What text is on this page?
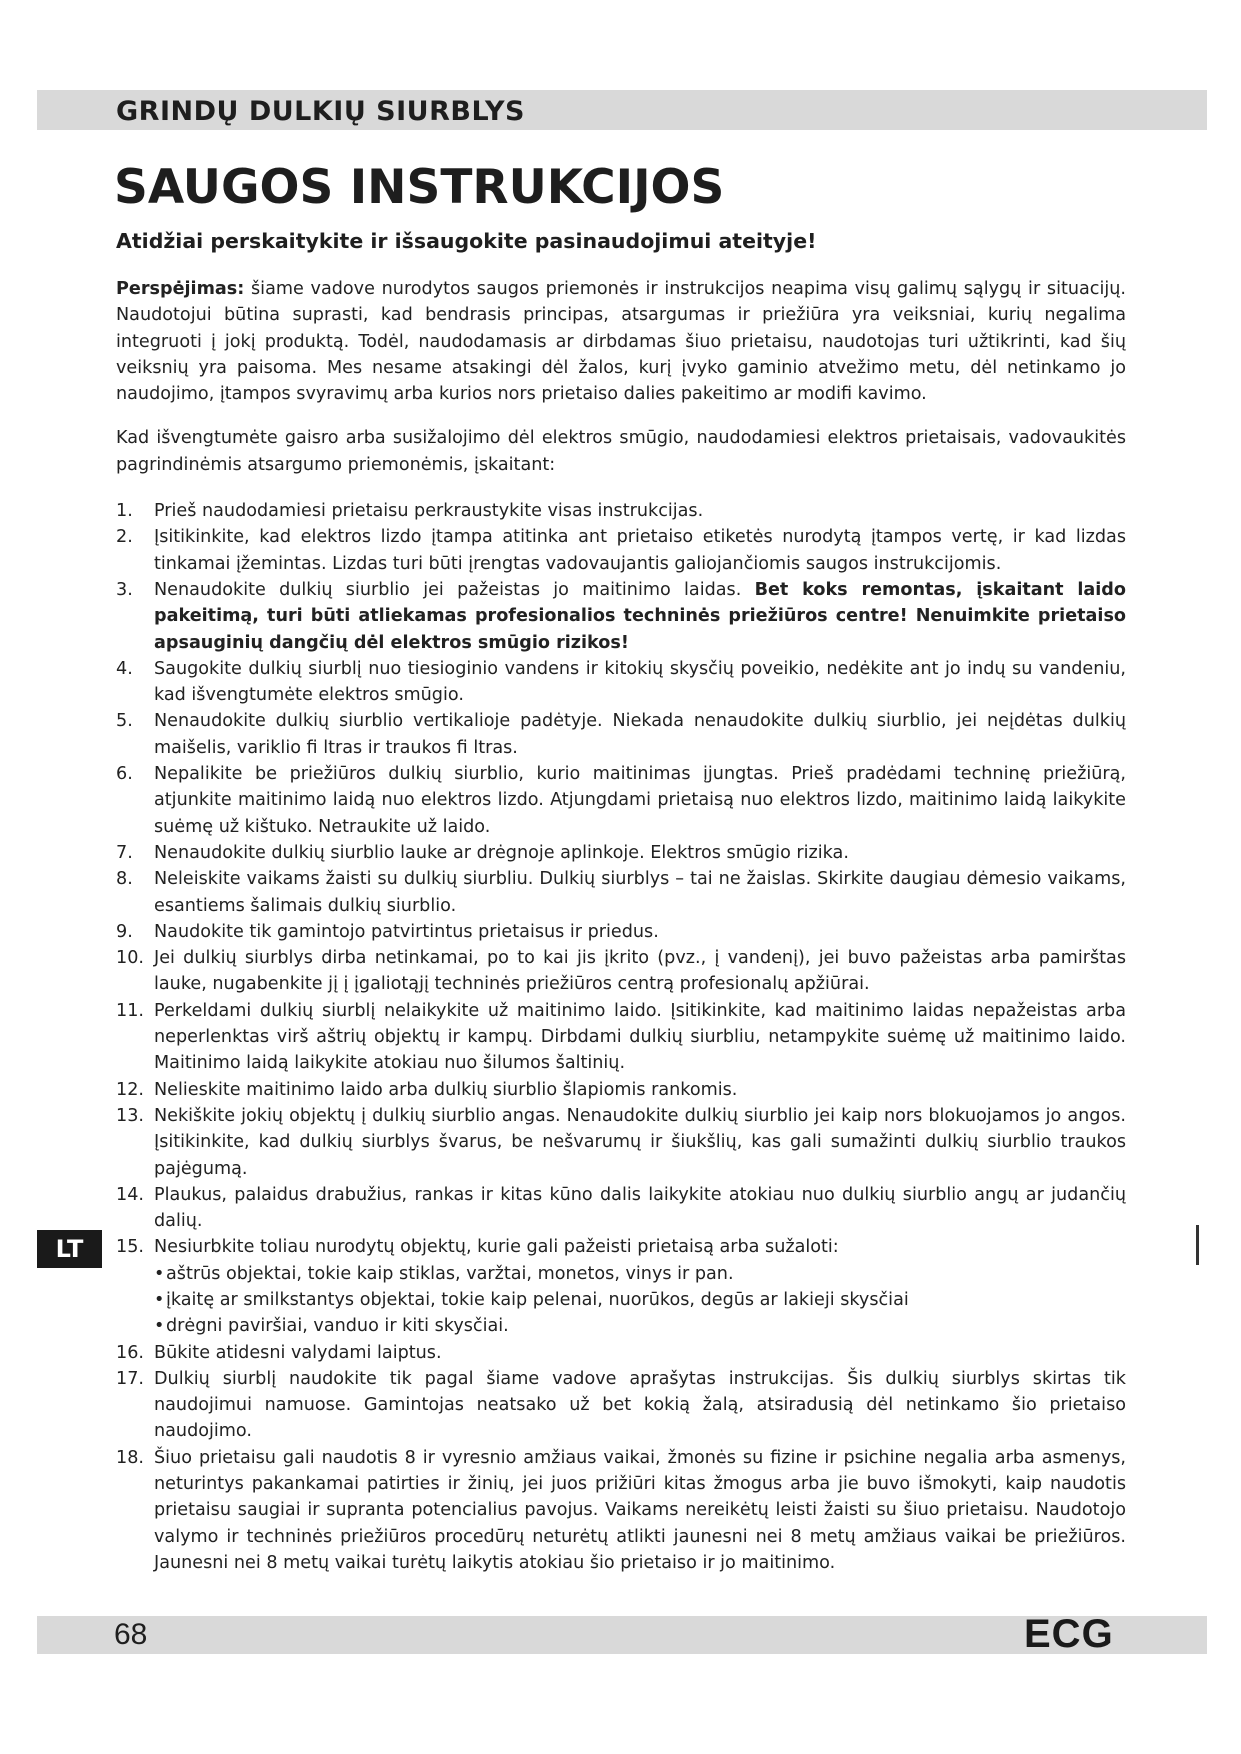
GRINDŲ DULKIŲ SIURBLYS
SAUGOS INSTRUKCIJOS
Atidžiai perskaitykite ir išsaugokite pasinaudojimui ateityje!

Perspėjimas: šiame vadove nurodytos saugos priemonės ir instrukcijos neapima visų galimų sąlygų ir situacijų. Naudotojui būtina suprasti, kad bendrasis principas, atsargumas ir priežiūra yra veiksniai, kurių negalima integruoti į jokį produktą. Todėl, naudodamasis ar dirbdamas šiuo prietaisu, naudotojas turi užtikrinti, kad šių veiksnių yra paisoma. Mes nesame atsakingi dėl žalos, kurį įvyko gaminio atvežimo metu, dėl netinkamo jo naudojimo, įtampos svyravimų arba kurios nors prietaiso dalies pakeitimo ar modifi kavimo.

Kad išvengtumėte gaisro arba susižalojimo dėl elektros smūgio, naudodamiesi elektros prietaisais, vadovaukitės pagrindinėmis atsargumo priemonėmis, įskaitant:

1. Prieš naudodamiesi prietaisu perkraustykite visas instrukcijas.
2. Įsitikinkite, kad elektros lizdo įtampa atitinka ant prietaiso etiketės nurodytą įtampos vertę, ir kad lizdas tinkamai įžemintas. Lizdas turi būti įrengtas vadovaujantis galiojančiomis saugos instrukcijomis.
3. Nenaudokite dulkių siurblio jei pažeistas jo maitinimo laidas. Bet koks remontas, įskaitant laido pakeitimą, turi būti atliekamas profesionalios techninės priežiūros centre! Nenuimkite prietaiso apsauginių dangčių dėl elektros smūgio rizikos!
4. Saugokite dulkių siurblį nuo tiesioginio vandens ir kitokių skysčių poveikio, nedėkite ant jo indų su vandeniu, kad išvengtumėte elektros smūgio.
5. Nenaudokite dulkių siurblio vertikalioje padėtyje. Niekada nenaudokite dulkių siurblio, jei neįdėtas dulkių maišelis, variklio fi ltras ir traukos fi ltras.
6. Nepalikite be priežiūros dulkių siurblio, kurio maitinimas įjungtas. Prieš pradėdami techninę priežiūrą, atjunkite maitinimo laidą nuo elektros lizdo. Atjungdami prietaisą nuo elektros lizdo, maitinimo laidą laikykite suėmę už kištuko. Netraukite už laido.
7. Nenaudokite dulkių siurblio lauke ar drėgnoje aplinkoje. Elektros smūgio rizika.
8. Neleiskite vaikams žaisti su dulkių siurbliu. Dulkių siurblys – tai ne žaislas. Skirkite daugiau dėmesio vaikams, esantiems šalimais dulkių siurblio.
9. Naudokite tik gamintojo patvirtintus prietaisus ir priedus.
10. Jei dulkių siurblys dirba netinkamai, po to kai jis įkrito (pvz., į vandenį), jei buvo pažeistas arba pamirštas lauke, nugabenkite jį į įgaliotąjį techninės priežiūros centrą profesionalų apžiūrai.
11. Perkeldami dulkių siurblį nelaikykite už maitinimo laido. Įsitikinkite, kad maitinimo laidas nepažeistas arba neperlenktas virš aštrių objektų ir kampų. Dirbdami dulkių siurbliu, netampykite suėmę už maitinimo laido. Maitinimo laidą laikykite atokiau nuo šilumos šaltinių.
12. Nelieskite maitinimo laido arba dulkių siurblio šlapiomis rankomis.
13. Nekiškite jokių objektų į dulkių siurblio angas. Nenaudokite dulkių siurblio jei kaip nors blokuojamos jo angos. Įsitikinkite, kad dulkių siurblys švarus, be nešvarumų ir šiukšlių, kas gali sumažinti dulkių siurblio traukos pajėgumą.
14. Plaukus, palaidus drabužius, rankas ir kitas kūno dalis laikykite atokiau nuo dulkių siurblio angų ar judančių dalių.
15. Nesiurbkite toliau nurodytų objektų, kurie gali pažeisti prietaisą arba sužaloti:
• aštrūs objektai, tokie kaip stiklas, varžtai, monetos, vinys ir pan.
• įkaitę ar smilkstantys objektai, tokie kaip pelenai, nuorūkos, degūs ar lakieji skysčiai
• drėgni paviršiai, vanduo ir kiti skysčiai.
16. Būkite atidesni valydami laiptus.
17. Dulkių siurblį naudokite tik pagal šiame vadove aprašytas instrukcijas. Šis dulkių siurblys skirtas tik naudojimui namuose. Gamintojas neatsako už bet kokią žalą, atsiradusią dėl netinkamo šio prietaiso naudojimo.
18. Šiuo prietaisu gali naudotis 8 ir vyresnio amžiaus vaikai, žmonės su fizine ir psichine negalia arba asmenys, neturintys pakankamai patirties ir žinių, jei juos prižiūri kitas žmogus arba jie buvo išmokyti, kaip naudotis prietaisu saugiai ir supranta potencialius pavojus. Vaikams nereikėtų leisti žaisti su šiuo prietaisu. Naudotojo valymo ir techninės priežiūros procedūrų neturėtų atlikti jaunesni nei 8 metų amžiaus vaikai be priežiūros. Jaunesni nei 8 metų vaikai turėtų laikytis atokiau šio prietaiso ir jo maitinimo.
LT
68	ECG
